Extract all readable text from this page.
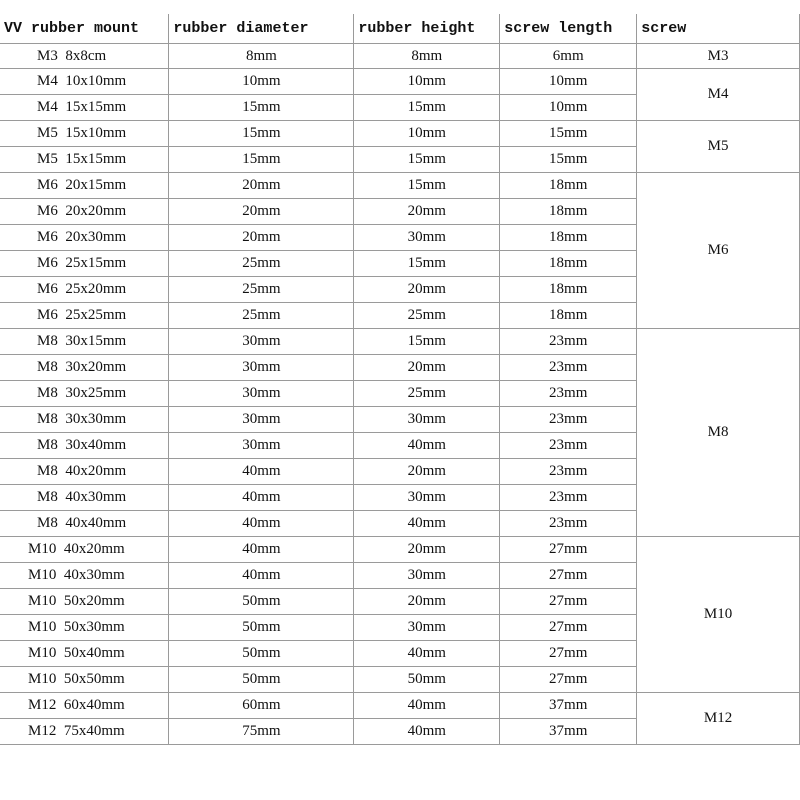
VV rubber mount	rubber diameter	rubber height	screw length	screw
M3  8x8cm	8mm	8mm	6mm	M3
M4  10x10mm	10mm	10mm	10mm	M4
M4  15x15mm	15mm	15mm	10mm	
M5  15x10mm	15mm	10mm	15mm	M5
M5  15x15mm	15mm	15mm	15mm	
M6  20x15mm	20mm	15mm	18mm	M6
M6  20x20mm	20mm	20mm	18mm	
M6  20x30mm	20mm	30mm	18mm	
M6  25x15mm	25mm	15mm	18mm	
M6  25x20mm	25mm	20mm	18mm	
M6  25x25mm	25mm	25mm	18mm	
M8  30x15mm	30mm	15mm	23mm	M8
M8  30x20mm	30mm	20mm	23mm	
M8  30x25mm	30mm	25mm	23mm	
M8  30x30mm	30mm	30mm	23mm	
M8  30x40mm	30mm	40mm	23mm	
M8  40x20mm	40mm	20mm	23mm	
M8  40x30mm	40mm	30mm	23mm	
M8  40x40mm	40mm	40mm	23mm	
M10  40x20mm	40mm	20mm	27mm	M10
M10  40x30mm	40mm	30mm	27mm	
M10  50x20mm	50mm	20mm	27mm	
M10  50x30mm	50mm	30mm	27mm	
M10  50x40mm	50mm	40mm	27mm	
M10  50x50mm	50mm	50mm	27mm	
M12  60x40mm	60mm	40mm	37mm	M12
M12  75x40mm	75mm	40mm	37mm	
